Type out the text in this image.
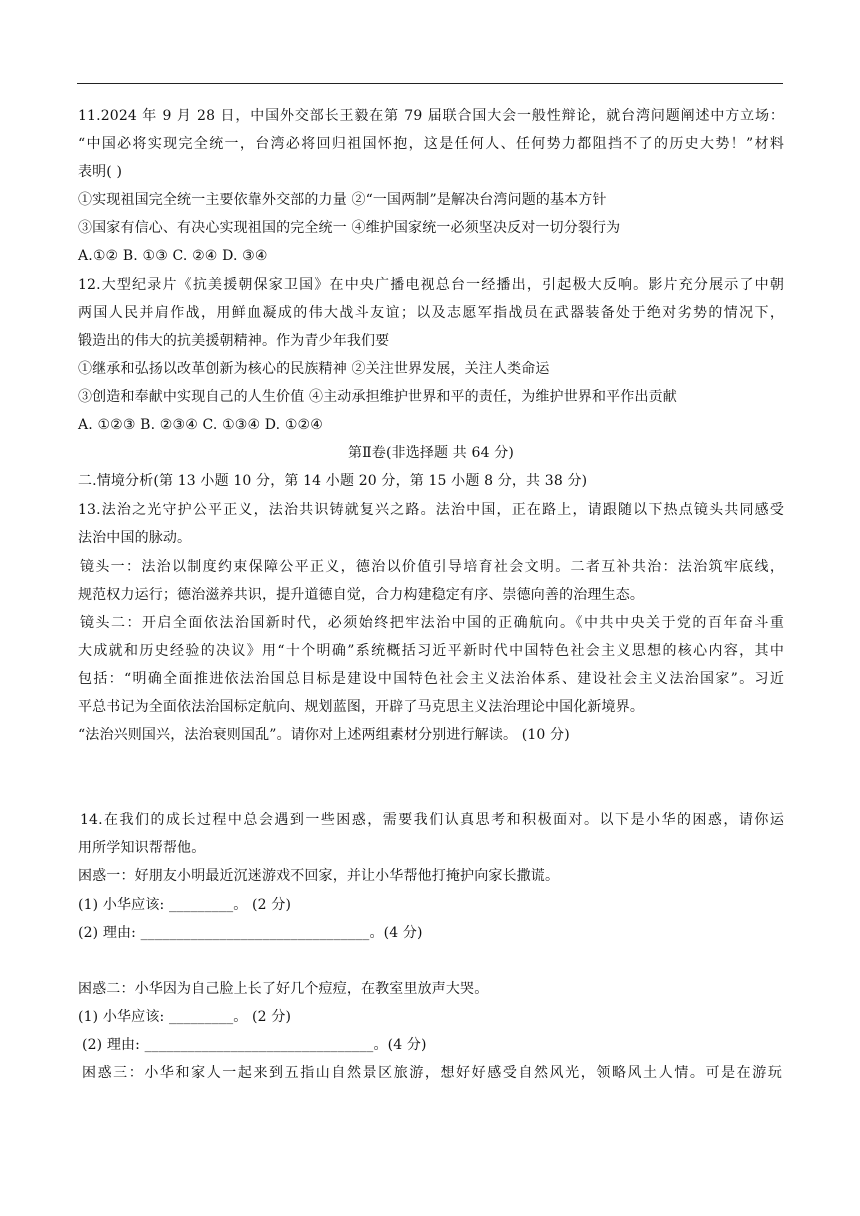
11.2024 年 9 月 28 日，中国外交部长王毅在第 79 届联合国大会一般性辩论，就台湾问题阐述中方立场：
“中国必将实现完全统一，台湾必将回归祖国怀抱，这是任何人、任何势力都阻挡不了的历史大势！”材料
表明( )
①实现祖国完全统一主要依靠外交部的力量 ②“一国两制”是解决台湾问题的基本方针
③国家有信心、有决心实现祖国的完全统一 ④维护国家统一必须坚决反对一切分裂行为
A.①② B. ①③ C. ②④ D. ③④
12.大型纪录片《抗美援朝保家卫国》在中央广播电视总台一经播出，引起极大反响。影片充分展示了中朝
两国人民并肩作战，用鲜血凝成的伟大战斗友谊；以及志愿军指战员在武器装备处于绝对劣势的情况下，
锻造出的伟大的抗美援朝精神。作为青少年我们要
①继承和弘扬以改革创新为核心的民族精神 ②关注世界发展，关注人类命运
③创造和奉献中实现自己的人生价值 ④主动承担维护世界和平的责任，为维护世界和平作出贡献
A. ①②③ B. ②③④ C. ①③④ D. ①②④
第Ⅱ卷(非选择题 共 64 分)
二.情境分析(第 13 小题 10 分，第 14 小题 20 分，第 15 小题 8 分，共 38 分)
13.法治之光守护公平正义，法治共识铸就复兴之路。法治中国，正在路上，请跟随以下热点镜头共同感受
法治中国的脉动。
镜头一：法治以制度约束保障公平正义，德治以价值引导培育社会文明。二者互补共治：法治筑牢底线，
规范权力运行；德治滋养共识，提升道德自觉，合力构建稳定有序、崇德向善的治理生态。
镜头二：开启全面依法治国新时代，必须始终把牢法治中国的正确航向。《中共中央关于党的百年奋斗重
大成就和历史经验的决议》用“十个明确”系统概括习近平新时代中国特色社会主义思想的核心内容，其中
包括：“明确全面推进依法治国总目标是建设中国特色社会主义法治体系、建设社会主义法治国家”。习近
平总书记为全面依法治国标定航向、规划蓝图，开辟了马克思主义法治理论中国化新境界。
“法治兴则国兴，法治衰则国乱”。请你对上述两组素材分别进行解读。 (10 分)
14.在我们的成长过程中总会遇到一些困惑，需要我们认真思考和积极面对。以下是小华的困惑，请你运
用所学知识帮帮他。
困惑一：好朋友小明最近沉迷游戏不回家，并让小华帮他打掩护向家长撒谎。
(1) 小华应该: _________。 (2 分)
(2) 理由: ________________________________。(4 分)
困惑二：小华因为自己脸上长了好几个痘痘，在教室里放声大哭。
(1) 小华应该: _________。 (2 分)
(2) 理由: ________________________________。(4 分)
困惑三：小华和家人一起来到五指山自然景区旅游，想好好感受自然风光，领略风土人情。可是在游玩
